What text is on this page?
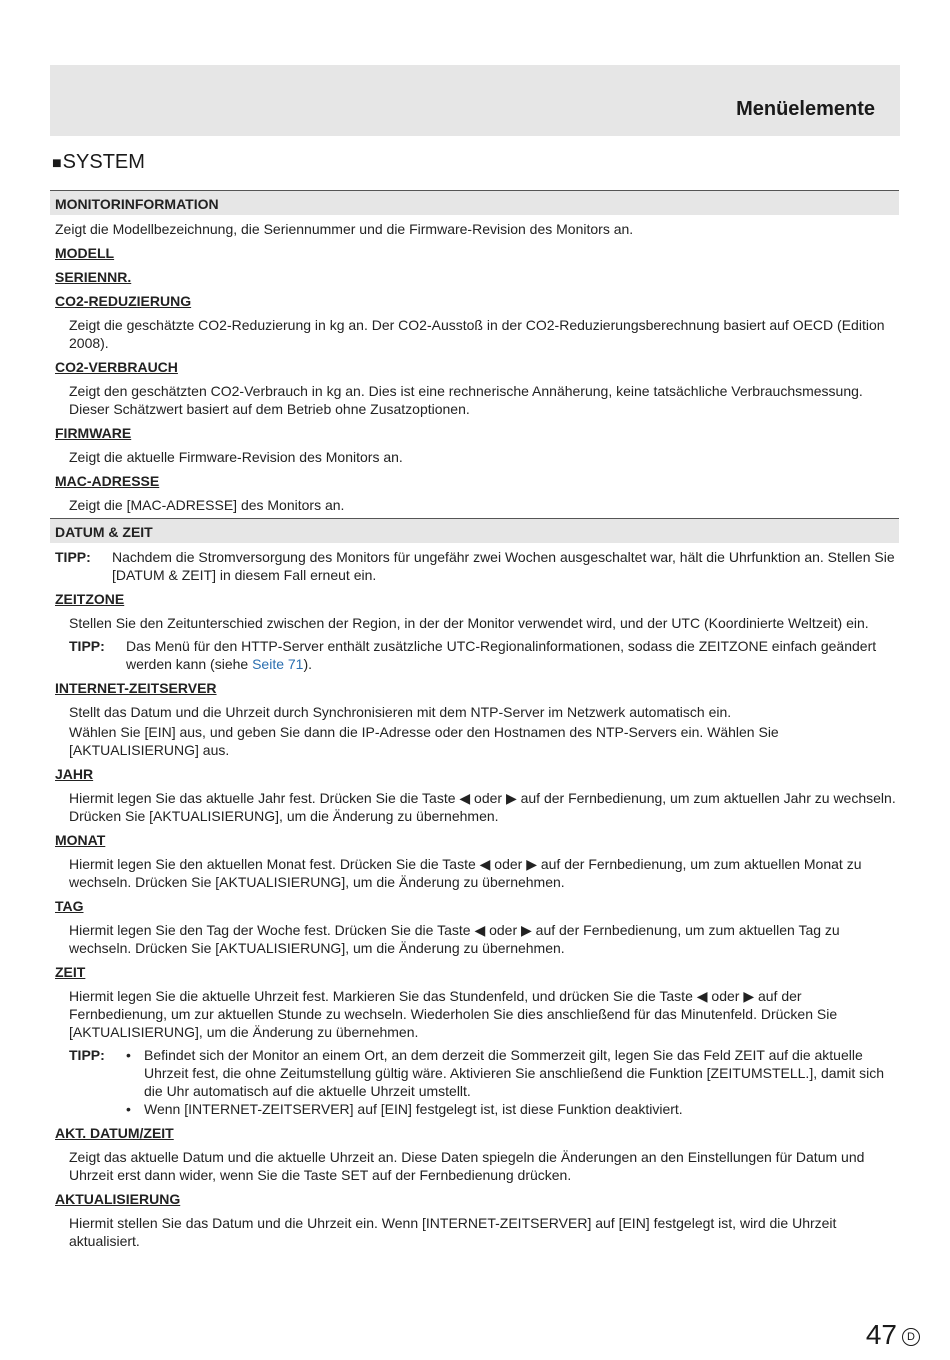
Menüelemente
■SYSTEM
MONITORINFORMATION
Zeigt die Modellbezeichnung, die Seriennummer und die Firmware-Revision des Monitors an.
MODELL
SERIENNR.
CO2-REDUZIERUNG
Zeigt die geschätzte CO2-Reduzierung in kg an. Der CO2-Ausstoß in der CO2-Reduzierungsberechnung basiert auf OECD (Edition 2008).
CO2-VERBRAUCH
Zeigt den geschätzten CO2-Verbrauch in kg an. Dies ist eine rechnerische Annäherung, keine tatsächliche Verbrauchsmessung. Dieser Schätzwert basiert auf dem Betrieb ohne Zusatzoptionen.
FIRMWARE
Zeigt die aktuelle Firmware-Revision des Monitors an.
MAC-ADRESSE
Zeigt die [MAC-ADRESSE] des Monitors an.
DATUM & ZEIT
TIPP:	Nachdem die Stromversorgung des Monitors für ungefähr zwei Wochen ausgeschaltet war, hält die Uhrfunktion an. Stellen Sie [DATUM & ZEIT] in diesem Fall erneut ein.
ZEITZONE
Stellen Sie den Zeitunterschied zwischen der Region, in der der Monitor verwendet wird, und der UTC (Koordinierte Weltzeit) ein.
TIPP:	Das Menü für den HTTP-Server enthält zusätzliche UTC-Regionalinformationen, sodass die ZEITZONE einfach geändert werden kann (siehe Seite 71).
INTERNET-ZEITSERVER
Stellt das Datum und die Uhrzeit durch Synchronisieren mit dem NTP-Server im Netzwerk automatisch ein.
Wählen Sie [EIN] aus, und geben Sie dann die IP-Adresse oder den Hostnamen des NTP-Servers ein. Wählen Sie [AKTUALISIERUNG] aus.
JAHR
Hiermit legen Sie das aktuelle Jahr fest. Drücken Sie die Taste ◀ oder ▶ auf der Fernbedienung, um zum aktuellen Jahr zu wechseln. Drücken Sie [AKTUALISIERUNG], um die Änderung zu übernehmen.
MONAT
Hiermit legen Sie den aktuellen Monat fest. Drücken Sie die Taste ◀ oder ▶ auf der Fernbedienung, um zum aktuellen Monat zu wechseln. Drücken Sie [AKTUALISIERUNG], um die Änderung zu übernehmen.
TAG
Hiermit legen Sie den Tag der Woche fest. Drücken Sie die Taste ◀ oder ▶ auf der Fernbedienung, um zum aktuellen Tag zu wechseln. Drücken Sie [AKTUALISIERUNG], um die Änderung zu übernehmen.
ZEIT
Hiermit legen Sie die aktuelle Uhrzeit fest. Markieren Sie das Stundenfeld, und drücken Sie die Taste ◀ oder ▶ auf der Fernbedienung, um zur aktuellen Stunde zu wechseln. Wiederholen Sie dies anschließend für das Minutenfeld. Drücken Sie [AKTUALISIERUNG], um die Änderung zu übernehmen.
TIPP:	• Befindet sich der Monitor an einem Ort, an dem derzeit die Sommerzeit gilt, legen Sie das Feld ZEIT auf die aktuelle Uhrzeit fest, die ohne Zeitumstellung gültig wäre. Aktivieren Sie anschließend die Funktion [ZEITUMSTELL.], damit sich die Uhr automatisch auf die aktuelle Uhrzeit umstellt.
• Wenn [INTERNET-ZEITSERVER] auf [EIN] festgelegt ist, ist diese Funktion deaktiviert.
AKT. DATUM/ZEIT
Zeigt das aktuelle Datum und die aktuelle Uhrzeit an. Diese Daten spiegeln die Änderungen an den Einstellungen für Datum und Uhrzeit erst dann wider, wenn Sie die Taste SET auf der Fernbedienung drücken.
AKTUALISIERUNG
Hiermit stellen Sie das Datum und die Uhrzeit ein. Wenn [INTERNET-ZEITSERVER] auf [EIN] festgelegt ist, wird die Uhrzeit aktualisiert.
47 D
